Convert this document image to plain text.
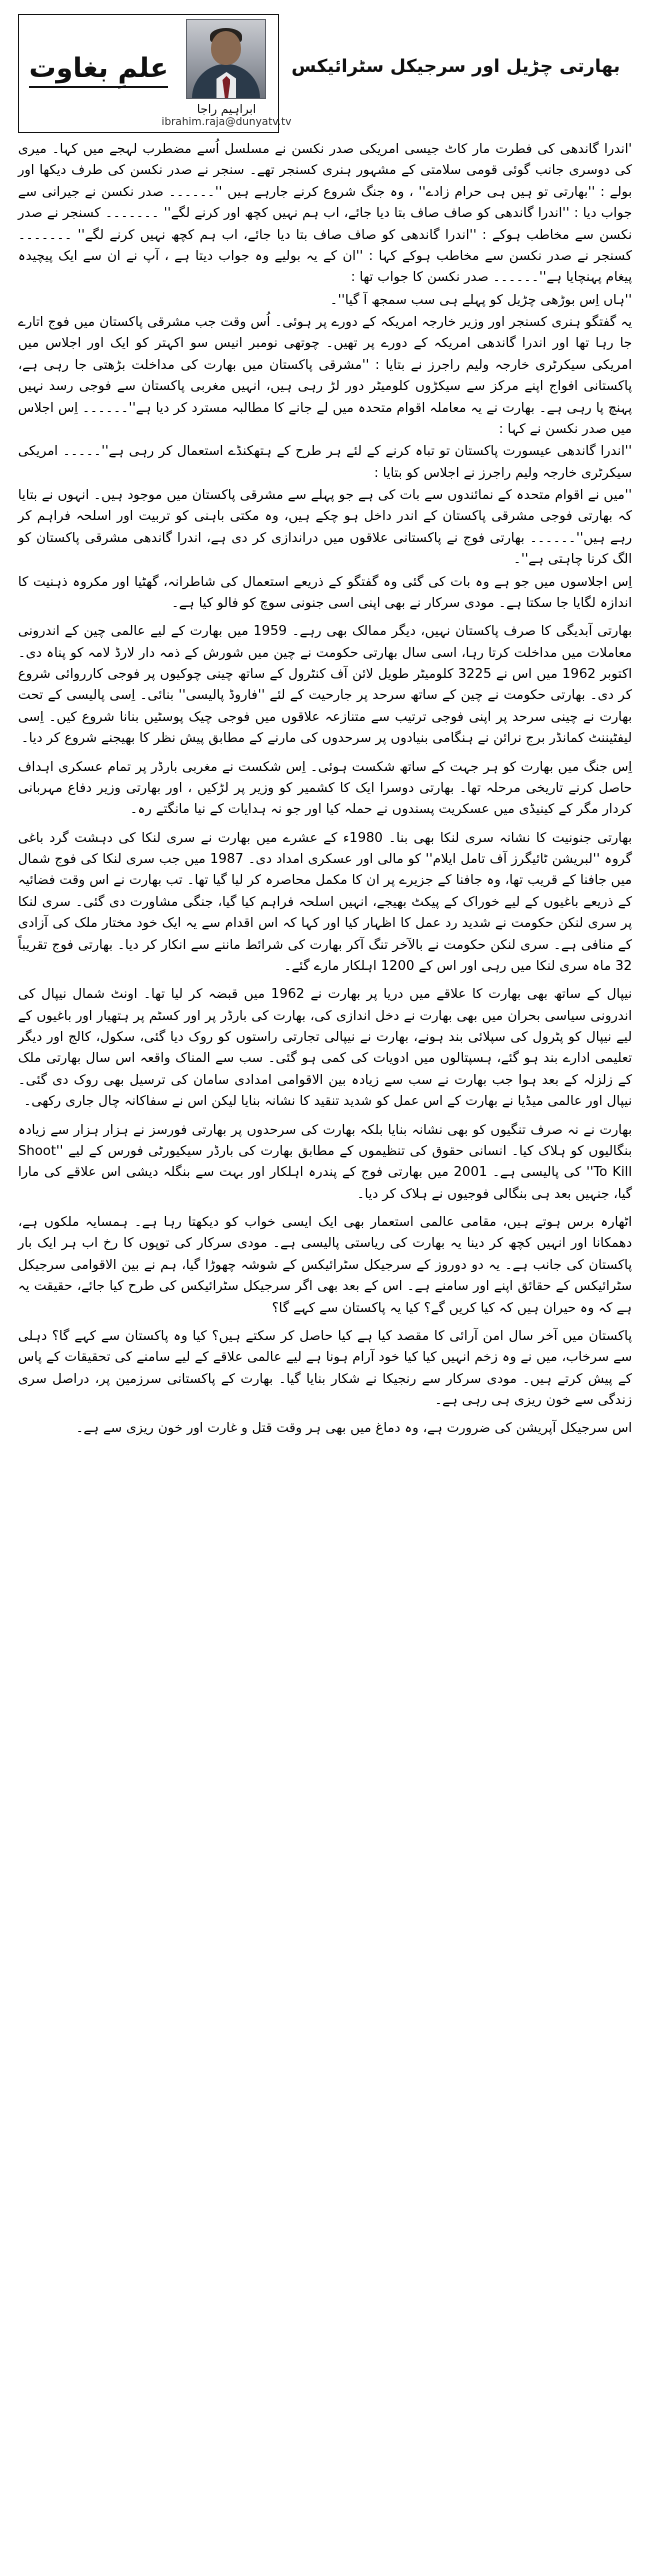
علمِ بغاوت
ابراہیم راجا
ibrahim.raja@dunyatv.tv
بھارتی چڑیل اور سرجیکل سٹرائیکس

'اندرا گاندھی کی فطرت مار کاٹ جیسی امریکی صدر نکسن نے مسلسل اُسے مضطرب لہجے میں کہا۔ میری کی دوسری جانب گوئی قومی سلامتی کے مشہور ہنری کسنجر تھے۔ سنجر نے صدر نکسن کی طرف دیکھا اور بولے : ''بھارتی تو ہیں ہی حرام زادے'' ، وہ جنگ شروع کرنے جارہے ہیں ''۔۔۔۔۔۔ صدر نکسن نے جیرانی سے جواب دیا : ''اندرا گاندھی کو صاف صاف بتا دیا جائے، اب ہم نہیں کچھ اور کرنے لگے'' ۔۔۔۔۔۔۔ کسنجر نے صدر نکسن سے مخاطب ہوکے : ''اندرا گاندھی کو صاف صاف بتا دیا جائے، اب ہم کچھ نہیں کرنے لگے'' ۔۔۔۔۔۔۔ کسنجر نے صدر نکسن سے مخاطب ہوکے کہا : ''ان کے یہ بولیے وہ جواب دیتا ہے ، آپ نے ان سے ایک پیچیدہ پیغام پہنچایا ہے''۔۔۔۔۔۔ صدر نکسن کا جواب تھا :

''ہاں اِس بوڑھی چڑیل کو پہلے ہی سب سمجھ آ گیا''۔

یہ گفتگو ہنری کسنجر اور وزیر خارجہ امریکہ کے دورے پر ہوئی۔ اُس وقت جب مشرقی پاکستان میں فوج اتارے جا رہا تھا اور اندرا گاندھی امریکہ کے دورے پر تھیں۔ چوتھی نومبر انیس سو اکہتر کو ایک اور اجلاس میں امریکی سیکرٹری خارجہ ولیم راجرز نے بتایا : ''مشرقی پاکستان میں بھارت کی مداخلت بڑھتی جا رہی ہے، پاکستانی افواج اپنے مرکز سے سیکڑوں کلومیٹر دور لڑ رہی ہیں، انہیں مغربی پاکستان سے فوجی رسد نہیں پہنچ پا رہی ہے۔ بھارت نے یہ معاملہ اقوام متحدہ میں لے جانے کا مطالبہ مسترد کر دیا ہے''۔۔۔۔۔۔ اِس اجلاس میں صدر نکسن نے کہا :

''اندرا گاندھی عیسورت پاکستان تو تباہ کرنے کے لئے ہر طرح کے ہتھکنڈے استعمال کر رہی ہے''۔۔۔۔۔ امریکی سیکرٹری خارجہ ولیم راجرز نے اجلاس کو بتایا :

''میں نے اقوام متحدہ کے نمائندوں سے بات کی ہے جو پہلے سے مشرقی پاکستان میں موجود ہیں۔ انہوں نے بتایا کہ بھارتی فوجی مشرقی پاکستان کے اندر داخل ہو چکے ہیں، وہ مکتی باہنی کو تربیت اور اسلحہ فراہم کر رہے ہیں''۔۔۔۔۔۔ بھارتی فوج نے پاکستانی علاقوں میں دراندازی کر دی ہے، اندرا گاندھی مشرقی پاکستان کو الگ کرنا چاہتی ہے''۔

اِس اجلاسوں میں جو ہے وہ بات کی گئی وہ گفتگو کے ذریعے استعمال کی شاطرانہ، گھٹیا اور مکروہ ذہنیت کا اندازہ لگایا جا سکتا ہے۔ مودی سرکار نے بھی اپنی اسی جنونی سوچ کو فالو کیا ہے۔

بھارتی آبدیگی کا صرف پاکستان نہیں، دیگر ممالک بھی رہے۔ 1959 میں بھارت کے لیے عالمی چین کے اندرونی معاملات میں مداخلت کرتا رہا، اسی سال بھارتی حکومت نے چین میں شورش کے ذمہ دار لارڈ لامہ کو پناہ دی۔ اکتوبر 1962 میں اس نے 3225 کلومیٹر طویل لائن آف کنٹرول کے ساتھ چینی چوکیوں پر فوجی کارروائی شروع کر دی۔ بھارتی حکومت نے چین کے ساتھ سرحد پر جارحیت کے لئے ''فاروڈ پالیسی'' بنائی۔ اِسی پالیسی کے تحت بھارت نے چینی سرحد پر اپنی فوجی ترتیب سے متنازعہ علاقوں میں فوجی چیک پوسٹیں بنانا شروع کیں۔ اِسی لیفٹیننٹ کمانڈر برج نرائن نے ہنگامی بنیادوں پر سرحدوں کی مارنے کے مطابق پیش نظر کا بھیجنے شروع کر دیا۔

اِس جنگ میں بھارت کو ہر جہت کے ساتھ شکست ہوئی۔ اِس شکست نے مغربی بارڈر پر تمام عسکری اہداف حاصل کرنے تاریخی مرحلہ تھا۔ بھارتی دوسرا ایک کا کشمیر کو وزیر پر لڑکیں ، اور بھارتی وزیر دفاع مہربانی کردار مگر کے کینیڈی میں عسکریت پسندوں نے حملہ کیا اور جو نہ ہدایات کے نیا مانگتے رہ۔

بھارتی جنونیت کا نشانہ سری لنکا بھی بنا۔ 1980ء کے عشرے میں بھارت نے سری لنکا کی دہشت گرد باغی گروہ ''لبریشن ٹائیگرز آف تامل ایلام'' کو مالی اور عسکری امداد دی۔ 1987 میں جب سری لنکا کی فوج شمال میں جافنا کے قریب تھا، وہ جافنا کے جزیرے پر ان کا مکمل محاصرہ کر لیا گیا تھا۔ تب بھارت نے اس وقت فضائیہ کے ذریعے باغیوں کے لیے خوراک کے پیکٹ بھیجے، انہیں اسلحہ فراہم کیا گیا، جنگی مشاورت دی گئی۔ سری لنکا پر سری لنکن حکومت نے شدید رد عمل کا اظہار کیا اور کہا کہ اس اقدام سے یہ ایک خود مختار ملک کی آزادی کے منافی ہے۔ سری لنکن حکومت نے بالآخر تنگ آکر بھارت کی شرائط ماننے سے انکار کر دیا۔ بھارتی فوج تقریباً 32 ماہ سری لنکا میں رہی اور اس کے 1200 اہلکار مارے گئے۔

نیپال کے ساتھ بھی بھارت کا علاقے میں دریا پر بھارت نے 1962 میں قبضہ کر لیا تھا۔ اونٹ شمال نیپال کی اندرونی سیاسی بحران میں بھی بھارت نے دخل اندازی کی، بھارت کی بارڈر پر اور کسٹم پر ہتھیار اور باغیوں کے لیے نیپال کو پٹرول کی سپلائی بند ہونے، بھارت نے نیپالی تجارتی راستوں کو روک دیا گئی، سکول، کالج اور دیگر تعلیمی ادارے بند ہو گئے، ہسپتالوں میں ادویات کی کمی ہو گئی۔ سب سے المناک واقعہ اس سال بھارتی ملک کے زلزلہ کے بعد ہوا جب بھارت نے سب سے زیادہ بین الاقوامی امدادی سامان کی ترسیل بھی روک دی گئی۔ نیپال اور عالمی میڈیا نے بھارت کے اس عمل کو شدید تنقید کا نشانہ بنایا لیکن اس نے سفاکانہ چال جاری رکھی۔

بھارت نے نہ صرف تنگیوں کو بھی نشانہ بنایا بلکہ بھارت کی سرحدوں پر بھارتی فورسز نے ہزار ہزار سے زیادہ بنگالیوں کو ہلاک کیا۔ انسانی حقوق کی تنظیموں کے مطابق بھارت کی بارڈر سیکیورٹی فورس کے لیے ''Shoot To Kill'' کی پالیسی ہے۔ 2001 میں بھارتی فوج کے پندرہ اہلکار اور بہت سے بنگلہ دیشی اس علاقے کی مارا گیا، جنہیں بعد ہی بنگالی فوجیوں نے ہلاک کر دیا۔

اٹھارہ برس ہوتے ہیں، مقامی عالمی استعمار بھی ایک ایسی خواب کو دیکھتا رہا ہے۔ ہمسایہ ملکوں ہے، دھمکانا اور انہیں کچھ کر دینا یہ بھارت کی ریاستی پالیسی ہے۔ مودی سرکار کی توپوں کا رخ اب ہر ایک بار پاکستان کی جانب ہے۔ یہ دو دوروز کے سرجیکل سٹرائیکس کے شوشہ چھوڑا گیا، ہم نے بین الاقوامی سرجیکل سٹرائیکس کے حقائق اپنے اور سامنے ہے۔ اس کے بعد بھی اگر سرجیکل سٹرائیکس کی طرح کیا جائے، حقیقت یہ ہے کہ وہ حیران ہیں کہ کیا کریں گے؟ کیا یہ پاکستان سے کہے گا؟

پاکستان میں آخر سال امن آرائی کا مقصد کیا ہے کیا حاصل کر سکتے ہیں؟ کیا وہ پاکستان سے کہے گا؟ دہلی سے سرخاب، میں نے وہ زخم انہیں کیا کیا خود آرام ہونا ہے لیے عالمی علاقے کے لیے سامنے کی تحقیقات کے پاس کے پیش کرتے ہیں۔ مودی سرکار سے رنجیکا نے شکار بنایا گیا۔ بھارت کے پاکستانی سرزمین پر، دراصل سری زندگی سے خون ریزی ہی رہی ہے۔

اس سرجیکل آپریشن کی ضرورت ہے، وہ دماغ میں بھی ہر وقت قتل و غارت اور خون ریزی سے ہے۔
